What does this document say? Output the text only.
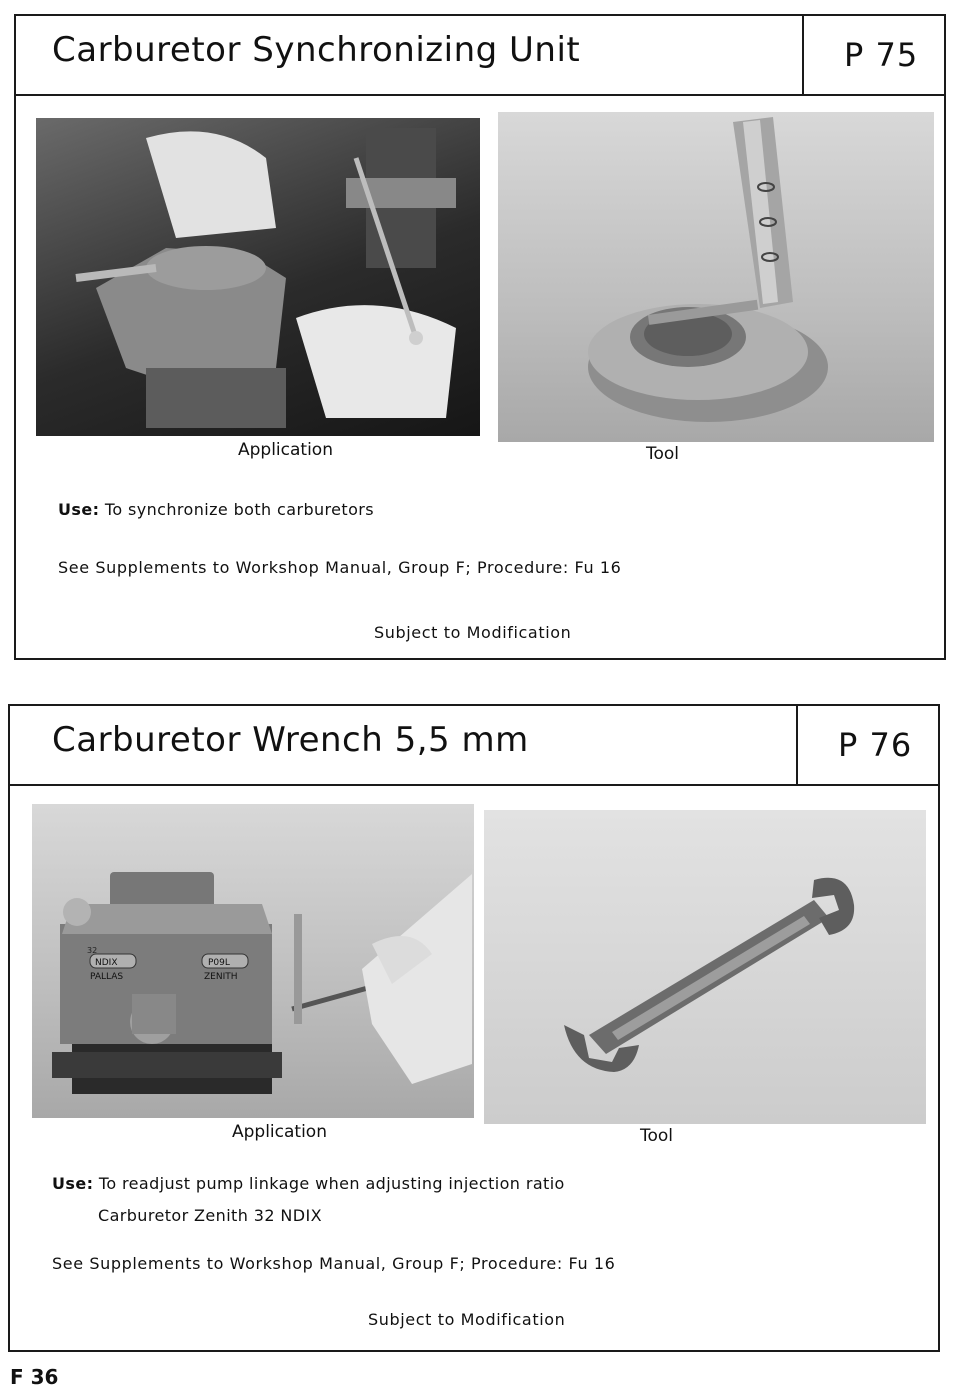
Carburetor Synchronizing Unit	P 75
Application	Tool
Use: To synchronize both carburetors
See Supplements to Workshop Manual, Group F; Procedure: Fu 16
Subject to Modification
Carburetor Wrench 5,5 mm	P 76
32
NDIX
PALLAS
P09L
ZENITH
Application	Tool
Use: To readjust pump linkage when adjusting injection ratio
Carburetor Zenith 32 NDIX
See Supplements to Workshop Manual, Group F; Procedure: Fu 16
Subject to Modification
F 36
